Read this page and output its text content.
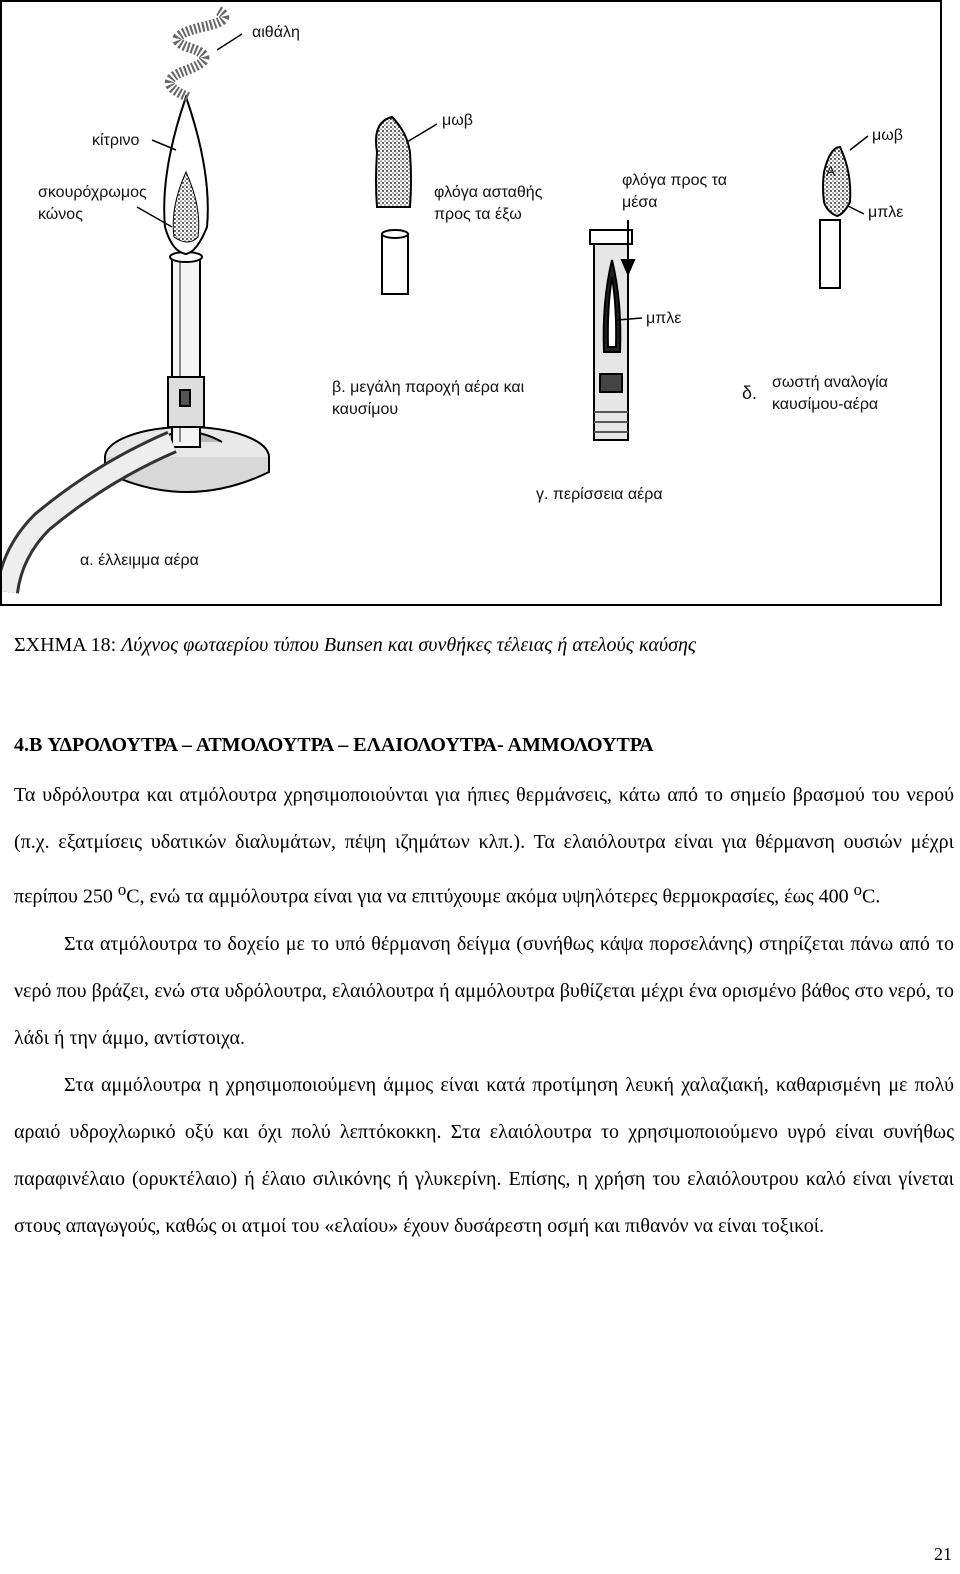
αιθάλη
κίτρινο
σκουρόχρωμος κώνος
μωβ
φλόγα ασταθής προς τα έξω
φλόγα προς τα μέσα
μωβ
μπλε
A
μπλε
β. μεγάλη παροχή αέρα και καυσίμου
δ.
σωστή αναλογία καυσίμου-αέρα
γ. περίσσεια αέρα
α. έλλειμμα αέρα
ΣΧΗΜΑ 18: Λύχνος φωταερίου τύπου Bunsen και συνθήκες τέλειας ή ατελούς καύσης
4.B ΥΔΡΟΛΟΥΤΡΑ – ΑΤΜΟΛΟΥΤΡΑ – ΕΛΑΙΟΛΟΥΤΡΑ- ΑΜΜΟΛΟΥΤΡΑ

Τα υδρόλουτρα και ατμόλουτρα χρησιμοποιούνται για ήπιες θερμάνσεις, κάτω από το σημείο βρασμού του νερού (π.χ. εξατμίσεις υδατικών διαλυμάτων, πέψη ιζημάτων κλπ.). Τα ελαιόλουτρα είναι για θέρμανση ουσιών μέχρι περίπου 250 $^o$C, ενώ τα αμμόλουτρα είναι για να επιτύχουμε ακόμα υψηλότερες θερμοκρασίες, έως 400 $^o$C.

Στα ατμόλουτρα το δοχείο με το υπό θέρμανση δείγμα (συνήθως κάψα πορσελάνης) στηρίζεται πάνω από το νερό που βράζει, ενώ στα υδρόλουτρα, ελαιόλουτρα ή αμμόλουτρα βυθίζεται μέχρι ένα ορισμένο βάθος στο νερό, το λάδι ή την άμμο, αντίστοιχα.

Στα αμμόλουτρα η χρησιμοποιούμενη άμμος είναι κατά προτίμηση λευκή χαλαζιακή, καθαρισμένη με πολύ αραιό υδροχλωρικό οξύ και όχι πολύ λεπτόκοκκη. Στα ελαιόλουτρα το χρησιμοποιούμενο υγρό είναι συνήθως παραφινέλαιο (ορυκτέλαιο) ή έλαιο σιλικόνης ή γλυκερίνη. Επίσης, η χρήση του ελαιόλουτρου καλό είναι γίνεται στους απαγωγούς, καθώς οι ατμοί του «ελαίου» έχουν δυσάρεστη οσμή και πιθανόν να είναι τοξικοί.

21
